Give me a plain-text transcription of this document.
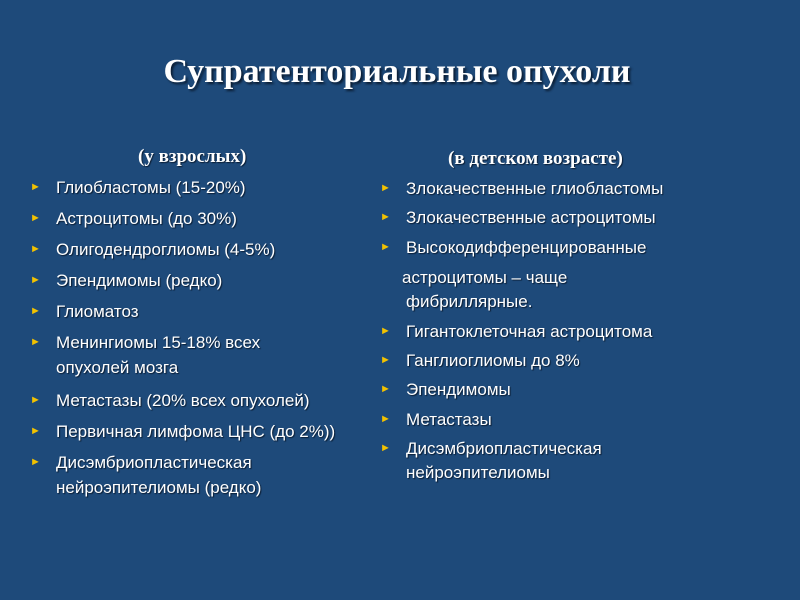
Супратенториальные опухоли
(у взрослых)	(в детском возрасте)
► Глиобластомы (15-20%)
► Астроцитомы (до 30%)
► Олигодендроглиомы (4-5%)
► Эпендимомы (редко)
► Глиоматоз
► Менингиомы 15-18% всех
опухолей мозга
► Метастазы (20% всех опухолей)
► Первичная лимфома ЦНС (до 2%))
► Дисэмбриопластическая
нейроэпителиомы (редко)
► Злокачественные глиобластомы
► Злокачественные астроцитомы
► Высокодифференцированные
астроцитомы – чаще
фибриллярные.
► Гигантоклеточная астроцитома
► Ганглиоглиомы до 8%
► Эпендимомы
► Метастазы
► Дисэмбриопластическая
нейроэпителиомы
